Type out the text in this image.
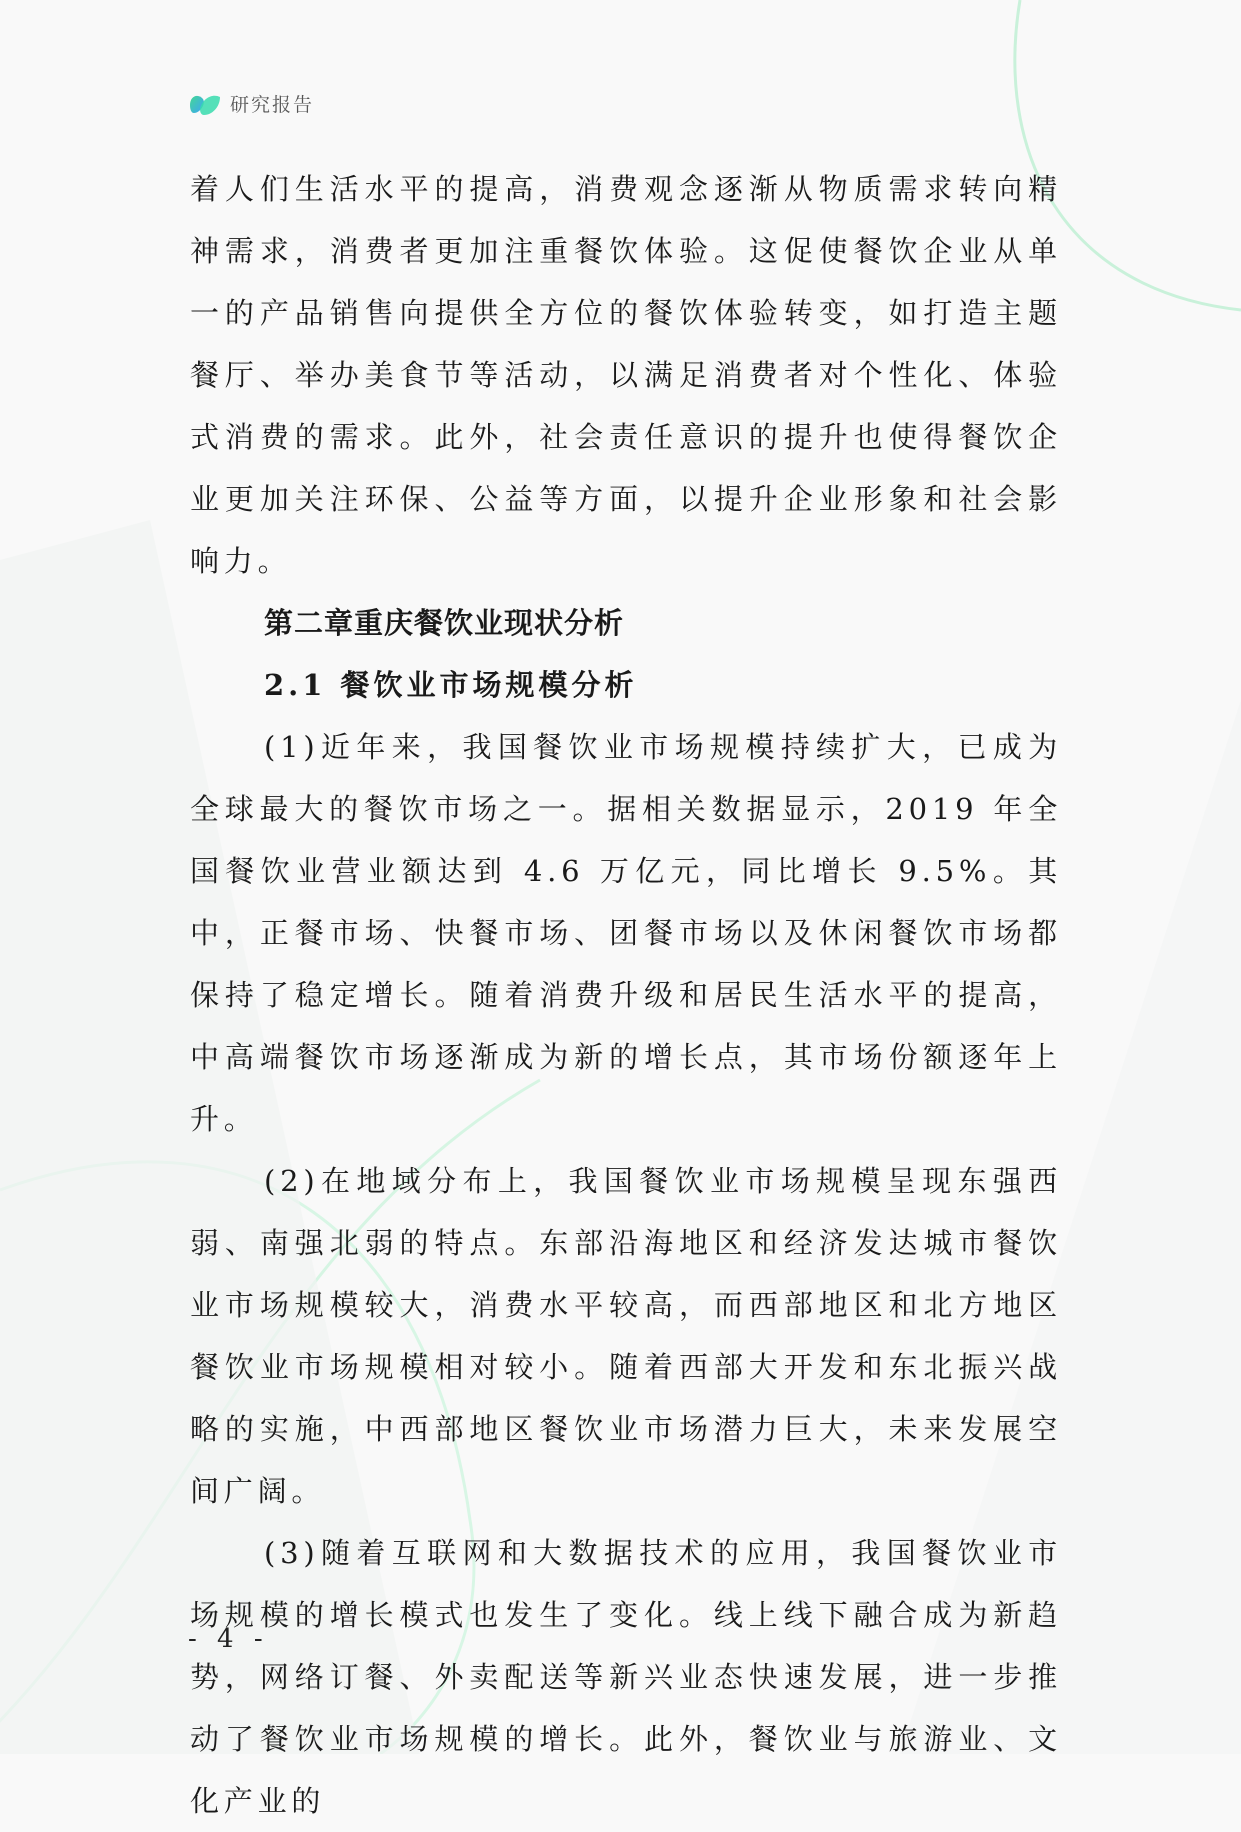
研究报告

着人们生活水平的提高，消费观念逐渐从物质需求转向精神需求，消费者更加注重餐饮体验。这促使餐饮企业从单一的产品销售向提供全方位的餐饮体验转变，如打造主题餐厅、举办美食节等活动，以满足消费者对个性化、体验式消费的需求。此外，社会责任意识的提升也使得餐饮企业更加关注环保、公益等方面，以提升企业形象和社会影响力。

第二章重庆餐饮业现状分析
2.1 餐饮业市场规模分析

(1)近年来，我国餐饮业市场规模持续扩大，已成为全球最大的餐饮市场之一。据相关数据显示，2019 年全国餐饮业营业额达到 4.6 万亿元，同比增长 9.5%。其中，正餐市场、快餐市场、团餐市场以及休闲餐饮市场都保持了稳定增长。随着消费升级和居民生活水平的提高，中高端餐饮市场逐渐成为新的增长点，其市场份额逐年上升。

(2)在地域分布上，我国餐饮业市场规模呈现东强西弱、南强北弱的特点。东部沿海地区和经济发达城市餐饮业市场规模较大，消费水平较高，而西部地区和北方地区餐饮业市场规模相对较小。随着西部大开发和东北振兴战略的实施，中西部地区餐饮业市场潜力巨大，未来发展空间广阔。

(3)随着互联网和大数据技术的应用，我国餐饮业市场规模的增长模式也发生了变化。线上线下融合成为新趋势，网络订餐、外卖配送等新兴业态快速发展，进一步推动了餐饮业市场规模的增长。此外，餐饮业与旅游业、文化产业的

- 4 -
